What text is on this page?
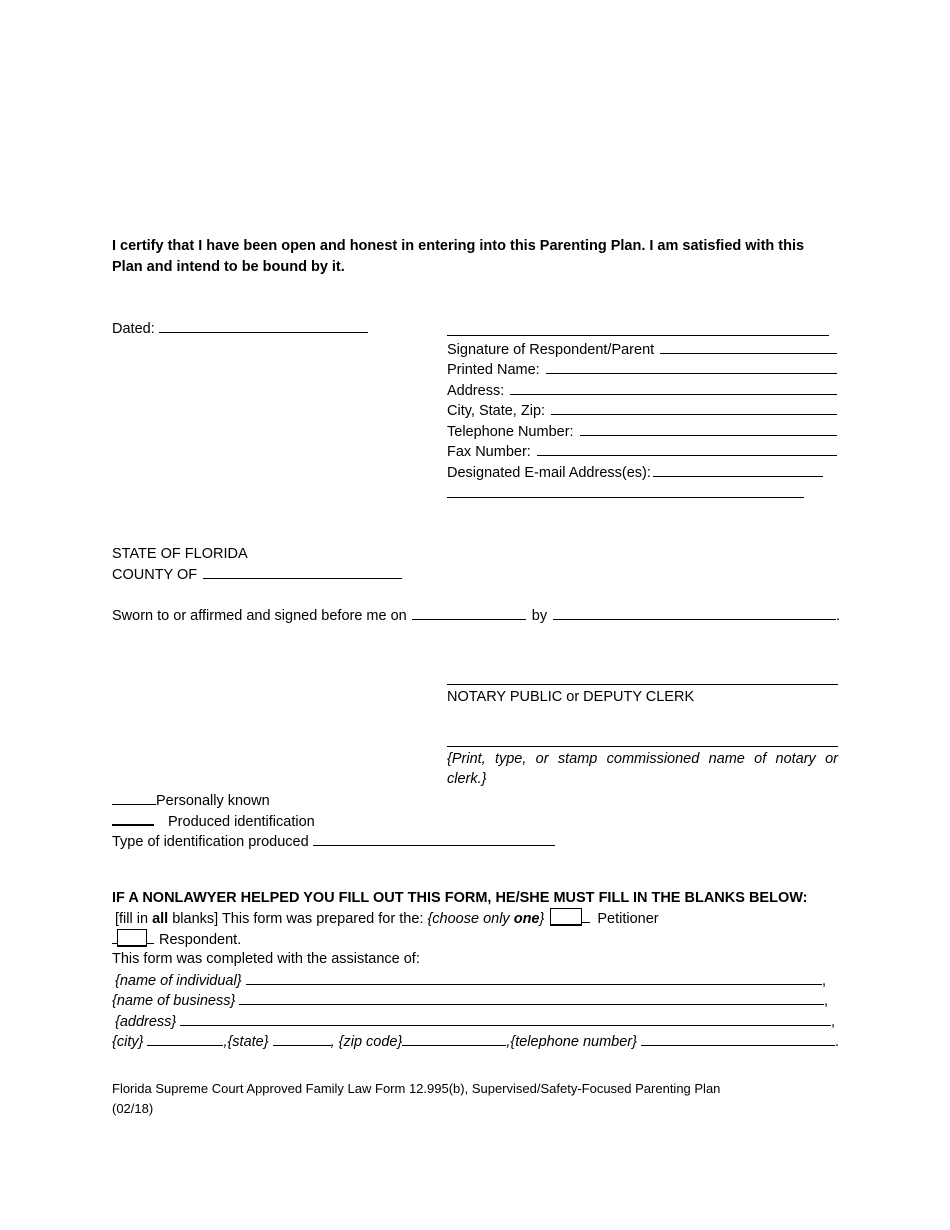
I certify that I have been open and honest in entering into this Parenting Plan. I am satisfied with this
Plan and intend to be bound by it.
Dated:
Signature of Respondent/Parent
Printed Name:
Address:
City, State, Zip:
Telephone Number:
Fax Number:
Designated E-mail Address(es):
STATE OF FLORIDA
COUNTY OF
Sworn to or affirmed and signed before me on	by	.
NOTARY PUBLIC or DEPUTY CLERK
{Print, type, or stamp commissioned name of notary or
clerk.}
Personally known
Produced identification
Type of identification produced
IF A NONLAWYER HELPED YOU FILL OUT THIS FORM, HE/SHE MUST FILL IN THE BLANKS BELOW:
[fill in all blanks] This form was prepared for the: {choose only one}	Petitioner
Respondent.
This form was completed with the assistance of:
{name of individual}	,
{name of business}	,
{address}	,
{city}	,{state}	, {zip code}	,{telephone number}	.
Florida Supreme Court Approved Family Law Form 12.995(b), Supervised/Safety-Focused Parenting Plan
(02/18)
